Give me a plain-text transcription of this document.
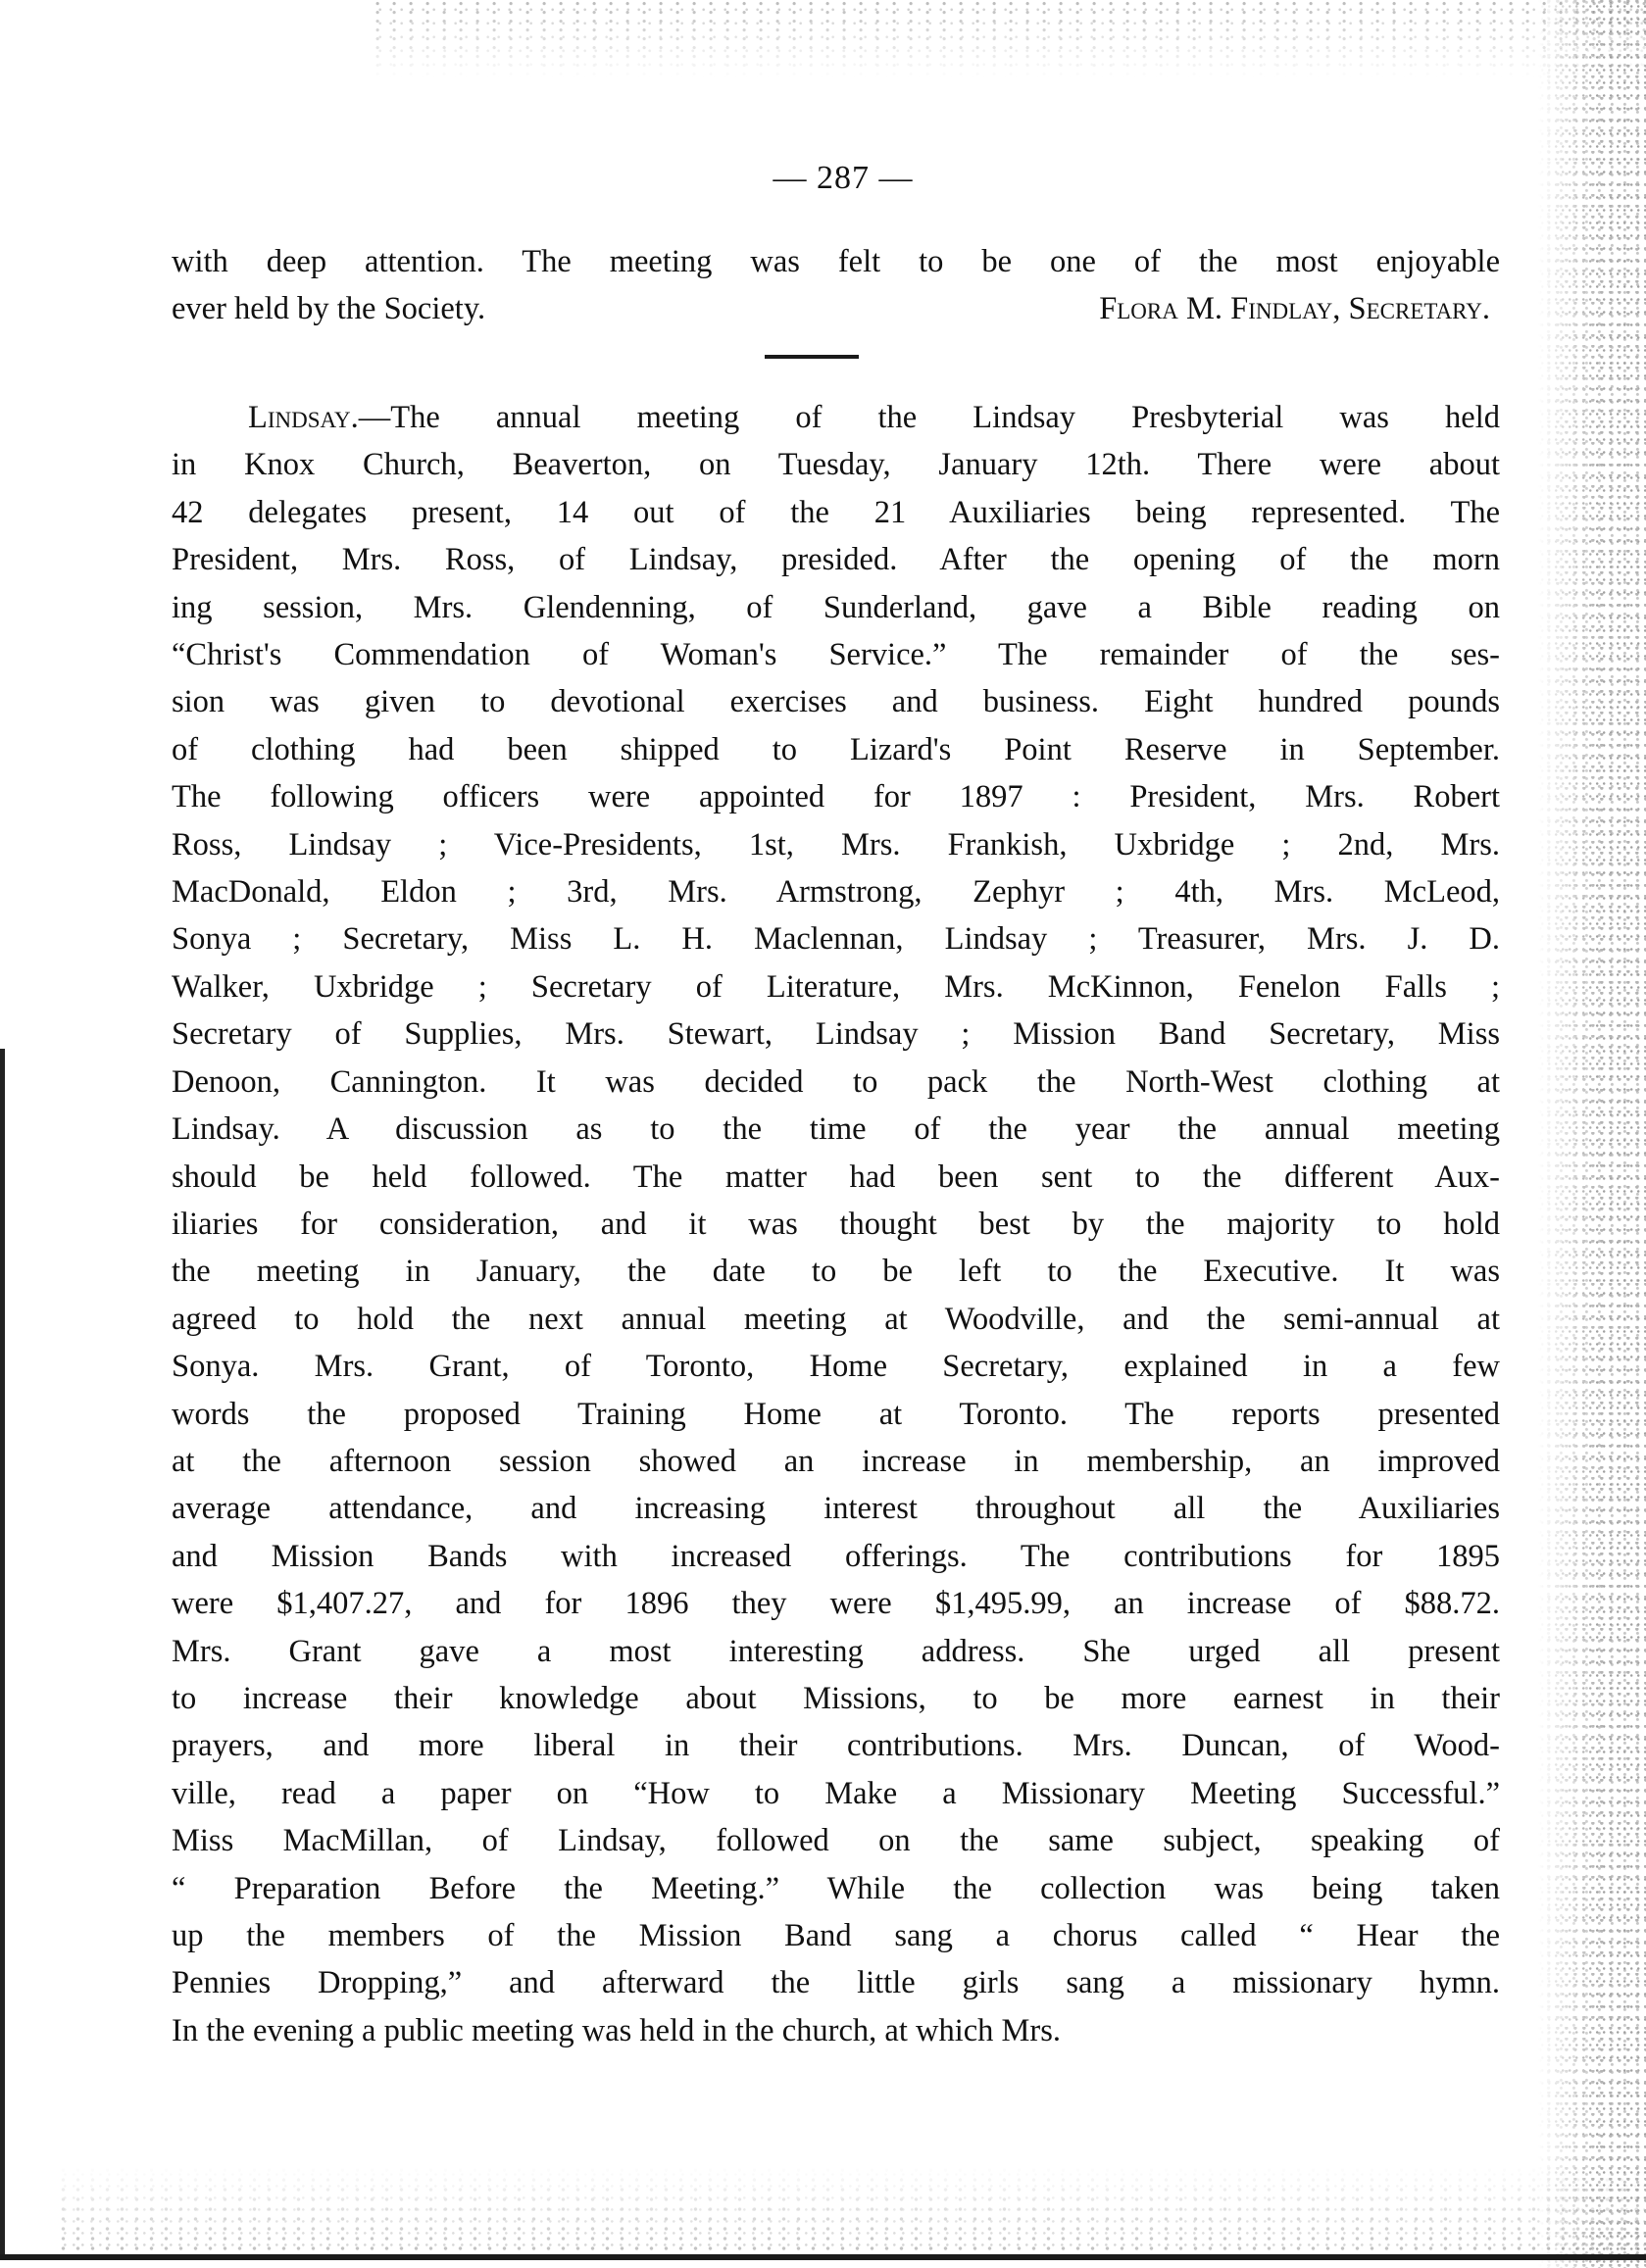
— 287 —
with deep attention. The meeting was felt to be one of the most enjoyable
ever held by the Society.	Flora M. Findlay, Secretary.
Lindsay.—The annual meeting of the Lindsay Presbyterial was held
in Knox Church, Beaverton, on Tuesday, January 12th. There were about
42 delegates present, 14 out of the 21 Auxiliaries being represented. The
President, Mrs. Ross, of Lindsay, presided. After the opening of the morn
ing session, Mrs. Glendenning, of Sunderland, gave a Bible reading on
“Christ's Commendation of Woman's Service.” The remainder of the ses-
sion was given to devotional exercises and business. Eight hundred pounds
of clothing had been shipped to Lizard's Point Reserve in September.
The following officers were appointed for 1897 : President, Mrs. Robert
Ross, Lindsay ; Vice-Presidents, 1st, Mrs. Frankish, Uxbridge ; 2nd, Mrs.
MacDonald, Eldon ; 3rd, Mrs. Armstrong, Zephyr ; 4th, Mrs. McLeod,
Sonya ; Secretary, Miss L. H. Maclennan, Lindsay ; Treasurer, Mrs. J. D.
Walker, Uxbridge ; Secretary of Literature, Mrs. McKinnon, Fenelon Falls ;
Secretary of Supplies, Mrs. Stewart, Lindsay ; Mission Band Secretary, Miss
Denoon, Cannington. It was decided to pack the North-West clothing at
Lindsay. A discussion as to the time of the year the annual meeting
should be held followed. The matter had been sent to the different Aux-
iliaries for consideration, and it was thought best by the majority to hold
the meeting in January, the date to be left to the Executive. It was
agreed to hold the next annual meeting at Woodville, and the semi-annual at
Sonya. Mrs. Grant, of Toronto, Home Secretary, explained in a few
words the proposed Training Home at Toronto. The reports presented
at the afternoon session showed an increase in membership, an improved
average attendance, and increasing interest throughout all the Auxiliaries
and Mission Bands with increased offerings. The contributions for 1895
were $1,407.27, and for 1896 they were $1,495.99, an increase of $88.72.
Mrs. Grant gave a most interesting address. She urged all present
to increase their knowledge about Missions, to be more earnest in their
prayers, and more liberal in their contributions. Mrs. Duncan, of Wood-
ville, read a paper on “How to Make a Missionary Meeting Successful.”
Miss MacMillan, of Lindsay, followed on the same subject, speaking of
“ Preparation Before the Meeting.” While the collection was being taken
up the members of the Mission Band sang a chorus called “ Hear the
Pennies Dropping,” and afterward the little girls sang a missionary hymn.
In the evening a public meeting was held in the church, at which Mrs.
